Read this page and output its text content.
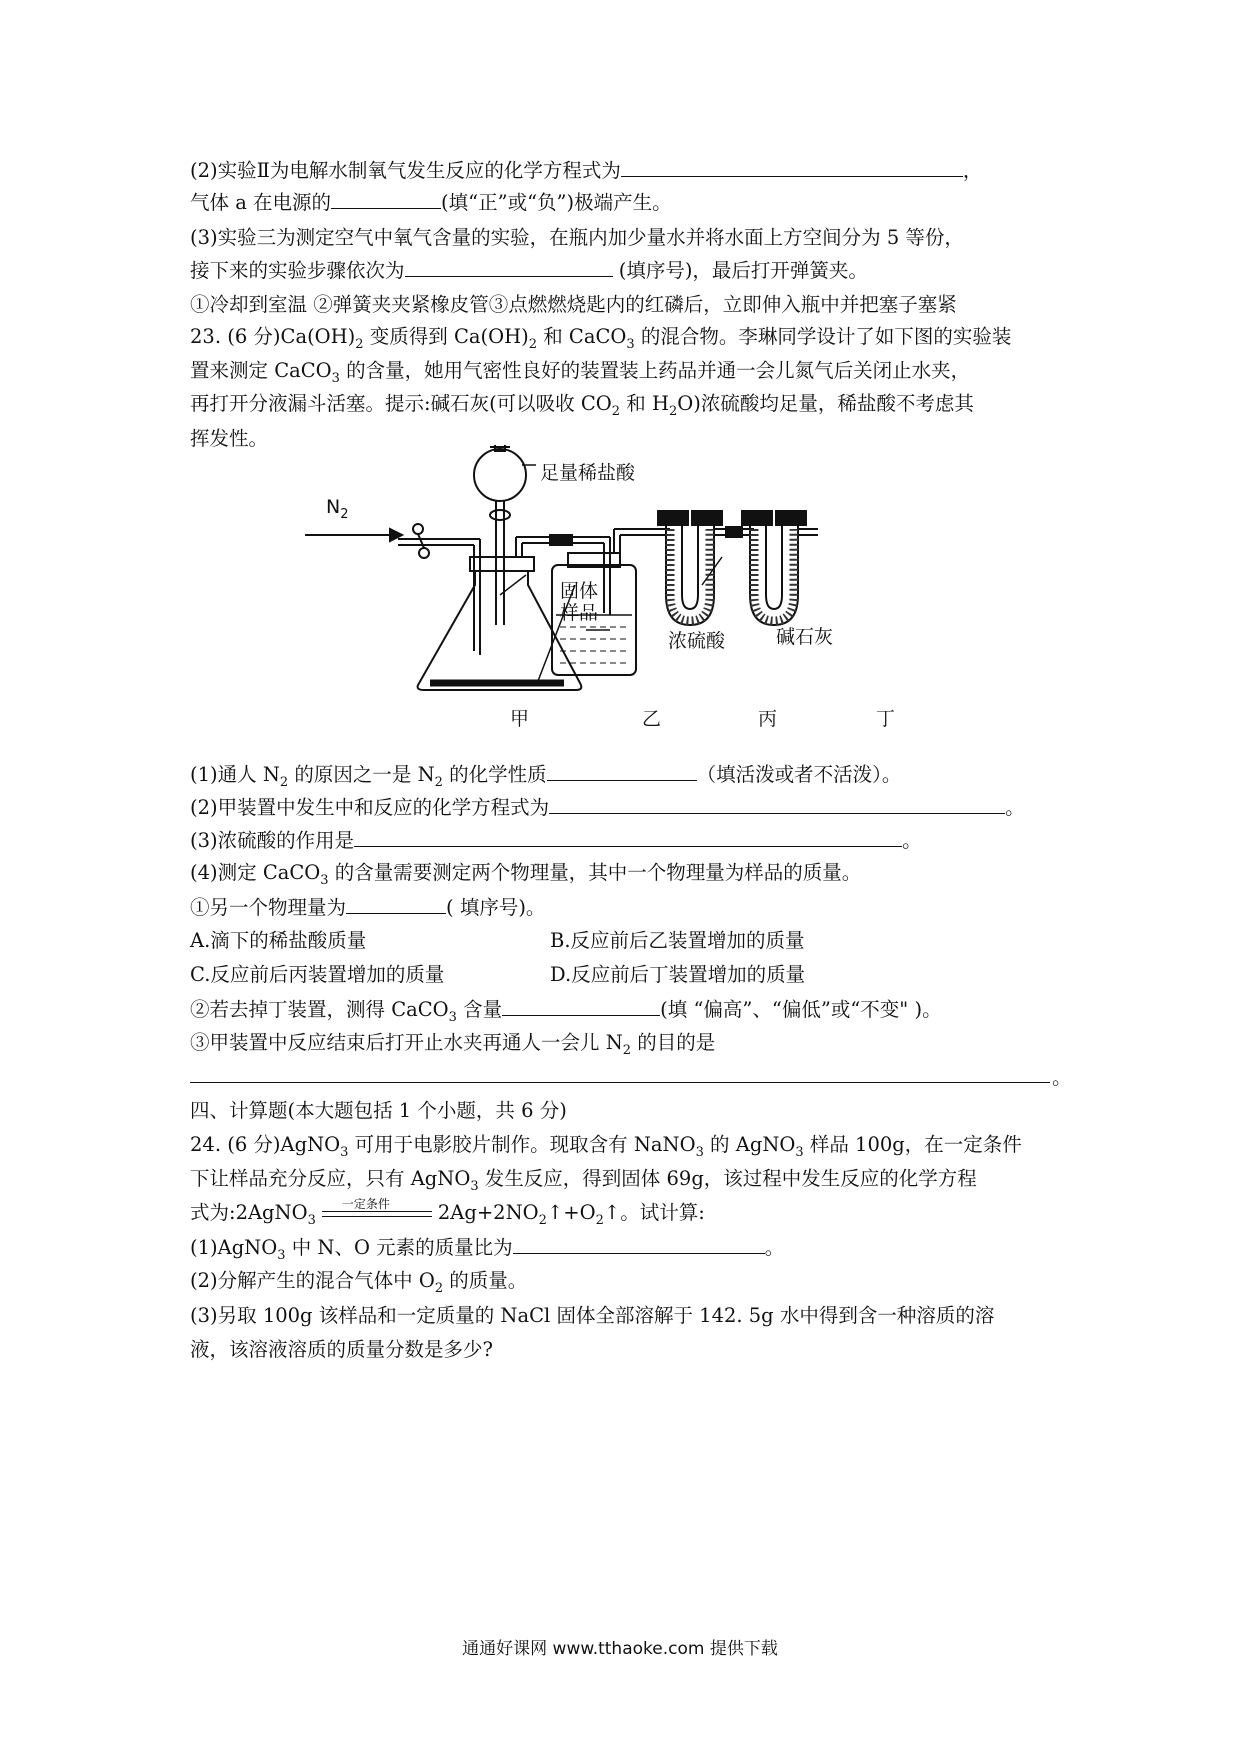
(2)实验Ⅱ为电解水制氧气发生反应的化学方程式为	，
气体 a 在电源的	(填“正”或“负”)极端产生。
(3)实验三为测定空气中氧气含量的实验，在瓶内加少量水并将水面上方空间分为 5 等份，
接下来的实验步骤依次为	(填序号)，最后打开弹簧夹。
①冷却到室温 ②弹簧夹夹紧橡皮管③点燃燃烧匙内的红磷后，立即伸入瓶中并把塞子塞紧
23. (6 分)$Ca(OH)_2$ 变质得到 $Ca(OH)_2$ 和 CaCO$_3$ 的混合物。李琳同学设计了如下图的实验装
置来测定 CaCO$_3$ 的含量，她用气密性良好的装置装上药品并通一会儿氮气后关闭止水夹，
再打开分液漏斗活塞。提示:碱石灰(可以吸收 $CO_2$ 和 $H_2O$)浓硫酸均足量，稀盐酸不考虑其
挥发性。
$N_2$
足量稀盐酸
固体
样品
浓硫酸	碱石灰
甲	乙	丙	丁
(1)通人 $N_2$ 的原因之一是 $N_2$ 的化学性质	（填活泼或者不活泼）。
(2)甲装置中发生中和反应的化学方程式为	。
(3)浓硫酸的作用是	。
(4)测定 CaCO$_3$ 的含量需要测定两个物理量，其中一个物理量为样品的质量。
①另一个物理量为	( 填序号)。
A.滴下的稀盐酸质量	B.反应前后乙装置增加的质量
C.反应前后丙装置增加的质量	D.反应前后丁装置增加的质量
②若去掉丁装置，测得 CaCO$_3$ 含量	(填 “偏高”、“偏低”或“不变" )。
③甲装置中反应结束后打开止水夹再通人一会儿 $N_2$ 的目的是
。
四、计算题(本大题包括 1 个小题，共 6 分)
24. (6 分)AgNO$_3$ 可用于电影胶片制作。现取含有 NaNO$_3$ 的 AgNO$_3$ 样品 100g，在一定条件
下让样品充分反应，只有 AgNO$_3$ 发生反应，得到固体 69g，该过程中发生反应的化学方程
式为:2AgNO$_3$
一定条件 $2Ag+2NO_2↑+O_2↑$。试计算:
(1)AgNO$_3$ 中 N、O 元素的质量比为	。
(2)分解产生的混合气体中 $O_2$ 的质量。
(3)另取 100g 该样品和一定质量的 NaCl 固体全部溶解于 142. 5g 水中得到含一种溶质的溶
液，该溶液溶质的质量分数是多少?
通通好课网 www.tthaoke.com 提供下载
